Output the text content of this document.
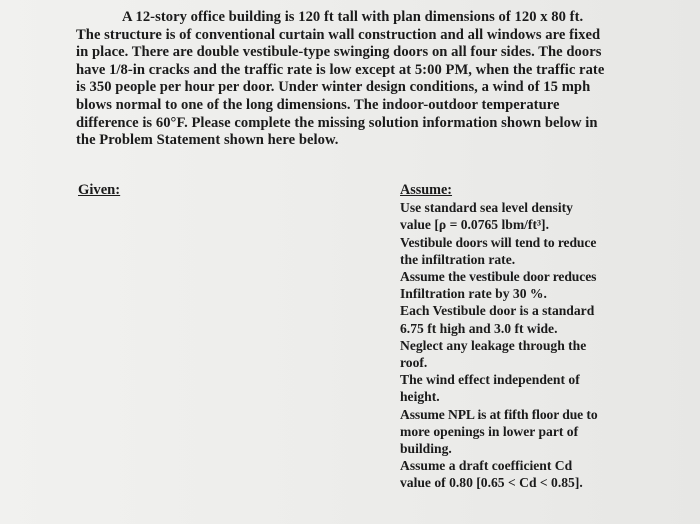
A 12-story office building is 120 ft tall with plan dimensions of 120 x 80 ft.
The structure is of conventional curtain wall construction and all windows are fixed
in place. There are double vestibule-type swinging doors on all four sides. The doors
have 1/8-in cracks and the traffic rate is low except at 5:00 PM, when the traffic rate
is 350 people per hour per door. Under winter design conditions, a wind of 15 mph
blows normal to one of the long dimensions. The indoor-outdoor temperature
difference is 60°F. Please complete the missing solution information shown below in
the Problem Statement shown here below.

Given:	Assume:
Use standard sea level density
value [ρ = 0.0765 lbm/ft³].
Vestibule doors will tend to reduce
the infiltration rate.
Assume the vestibule door reduces
Infiltration rate by 30 %.
Each Vestibule door is a standard
6.75 ft high and 3.0 ft wide.
Neglect any leakage through the
roof.
The wind effect independent of
height.
Assume NPL is at fifth floor due to
more openings in lower part of
building.
Assume a draft coefficient Cd
value of 0.80 [0.65 < Cd < 0.85].
